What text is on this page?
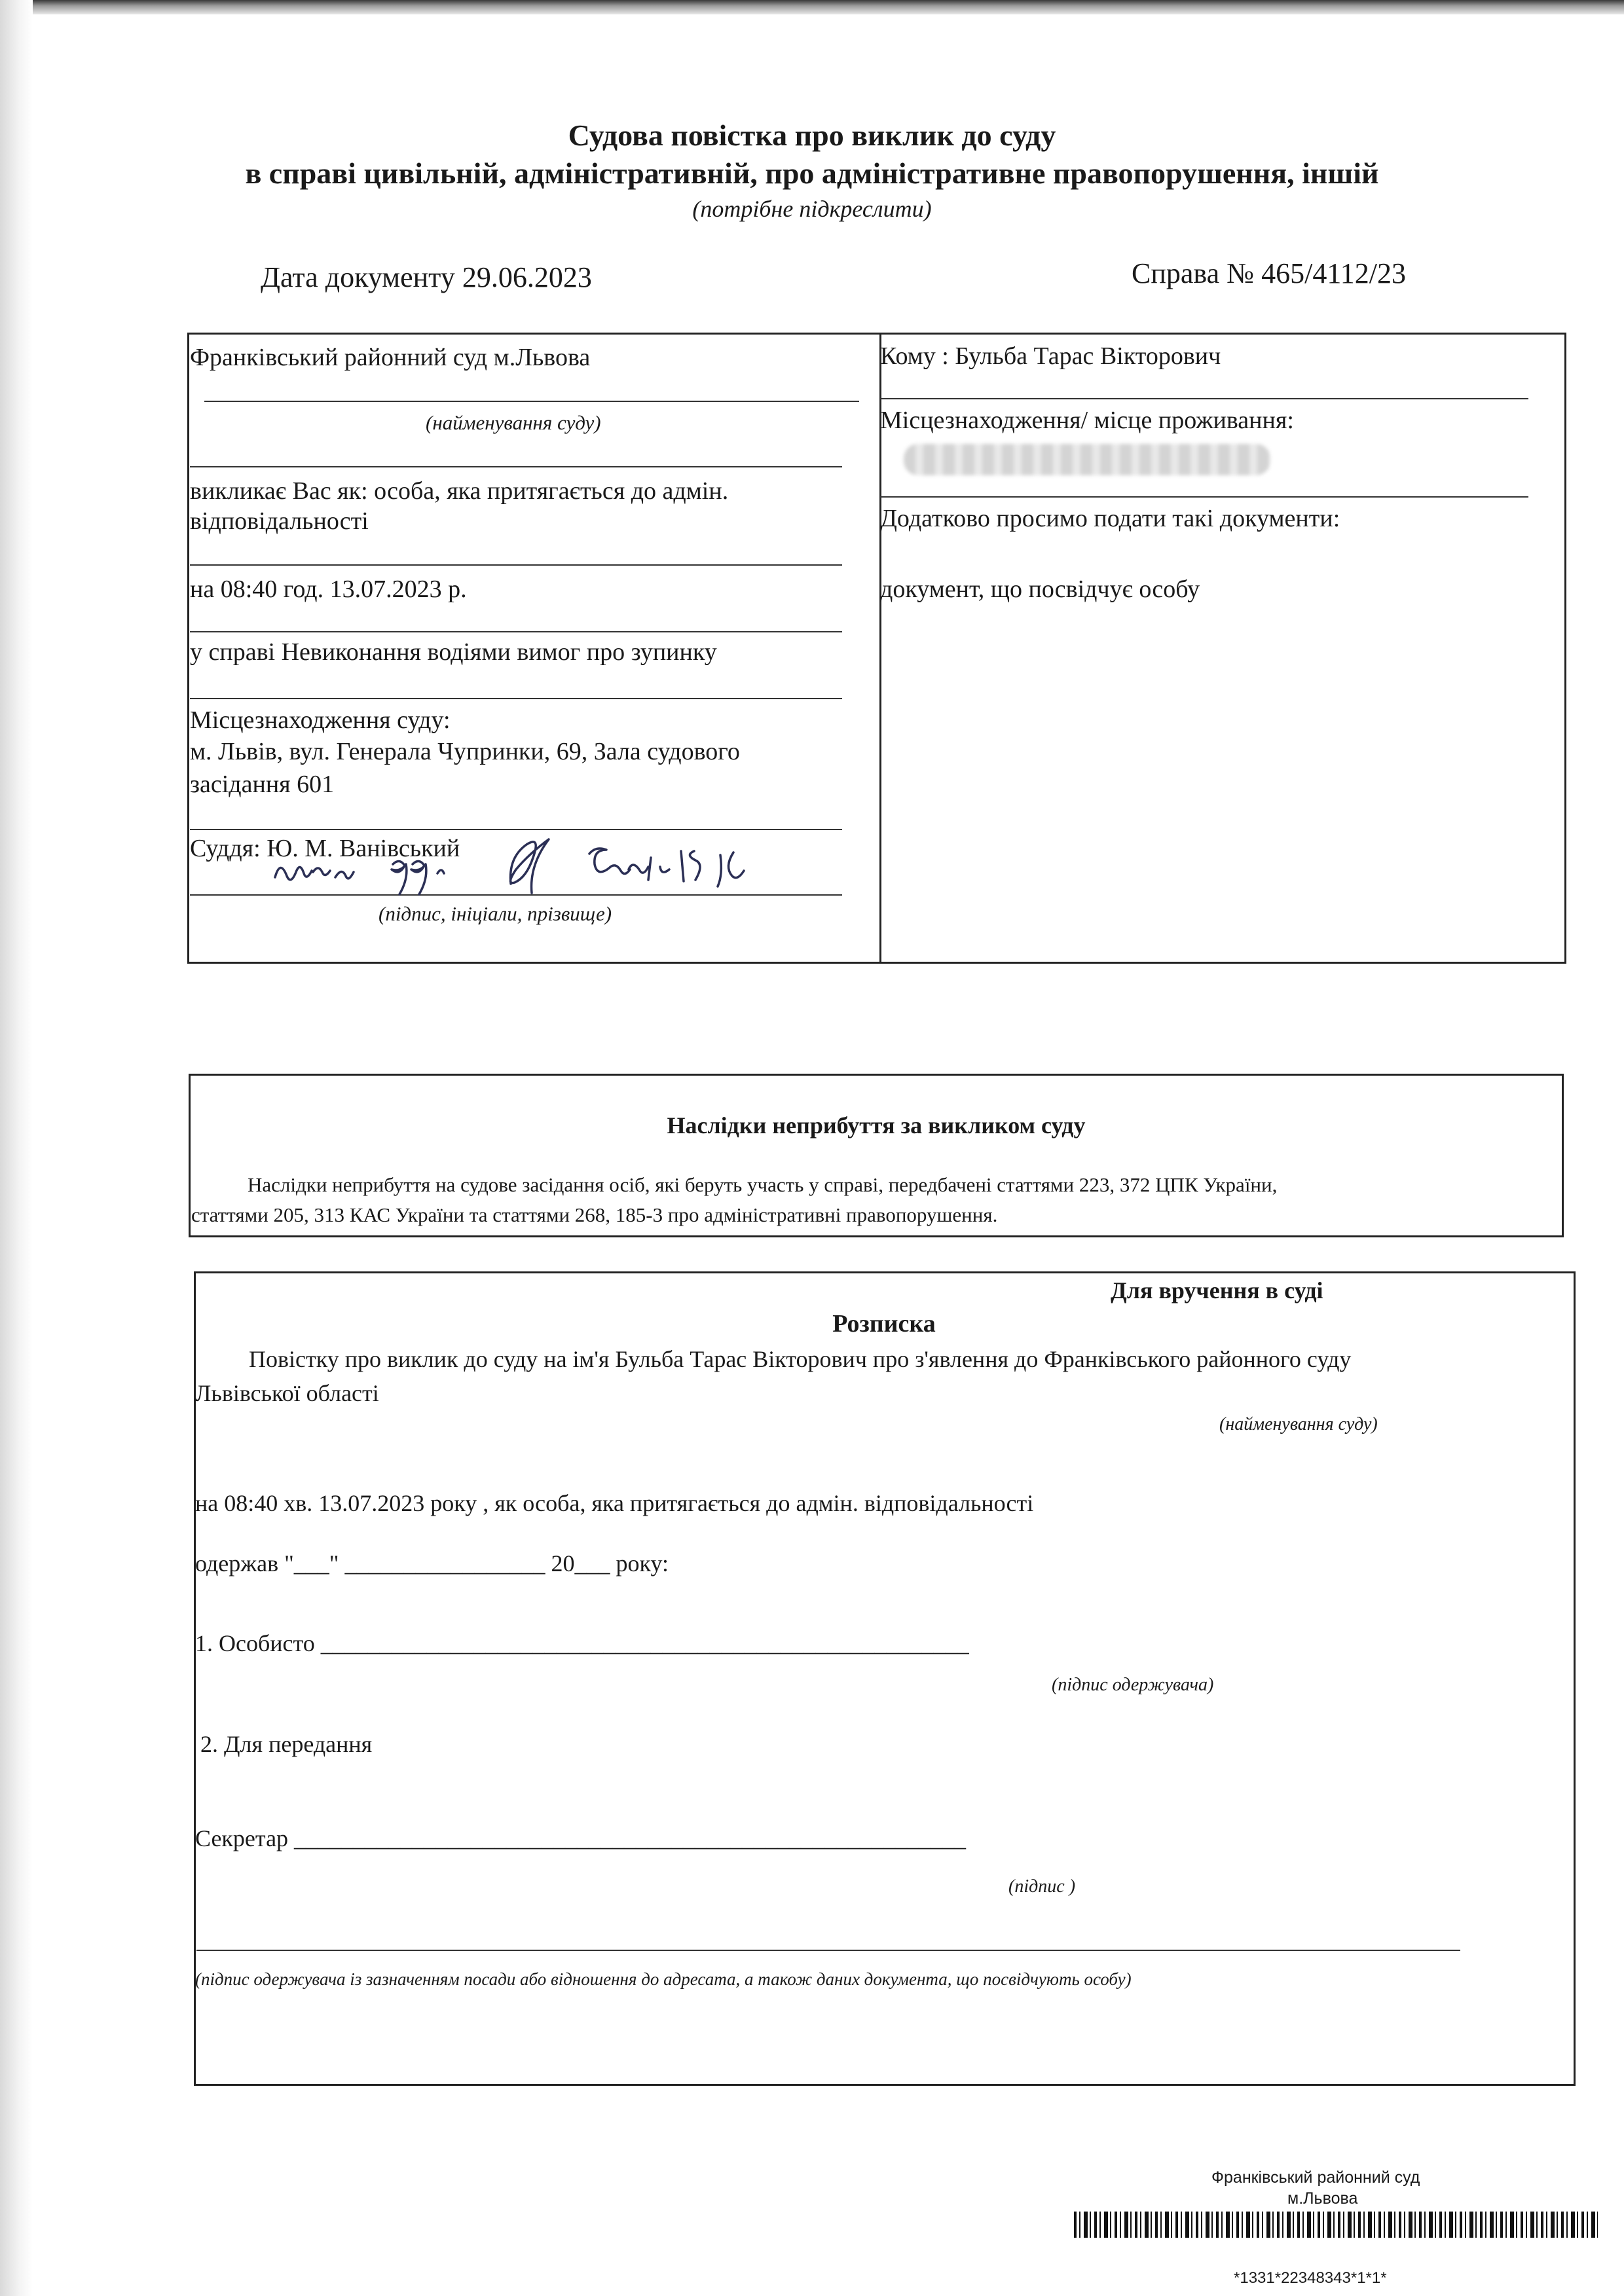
Судова повістка про виклик до суду
в справі цивільній, адміністративній, про адміністративне правопорушення, іншій
(потрібне підкреслити)
Дата документу 29.06.2023	Справа № 465/4112/23
Франківський районний суд м.Львова
(найменування суду)
викликає Вас як: особа, яка притягається до адмін.
відповідальності
на 08:40 год. 13.07.2023 р.
у справі Невиконання водіями вимог про зупинку
Місцезнаходження суду:
м. Львів, вул. Генерала Чупринки, 69, Зала судового
засідання 601
Суддя: Ю. М. Ванівський
(підпис, ініціали, прізвище)
Кому : Бульба Тарас Вікторович
Місцезнаходження/ місце проживання:
Додатково просимо подати такі документи:
документ, що посвідчує особу
Наслідки неприбуття за викликом суду
Наслідки неприбуття на судове засідання осіб, які беруть участь у справі, передбачені статтями 223, 372 ЦПК України,
статтями 205, 313 КАС України та статтями 268, 185-3 про адміністративні правопорушення.
Для вручення в суді
Розписка
Повістку про виклик до суду на ім'я Бульба Тарас Вікторович про з'явлення до Франківського районного суду
Львівської області
(найменування суду)
на 08:40 хв. 13.07.2023 року , як особа, яка притягається до адмін. відповідальності
одержав "___" _________________ 20___ року:
1. Особисто _______________________________________________________
(підпис одержувача)
2. Для передання
Секретар _________________________________________________________
(підпис )
(підпис одержувача із зазначенням посади або відношення до адресата, а також даних документа, що посвідчують особу)
Франківський районний суд
м.Львова
*1331*22348343*1*1*
